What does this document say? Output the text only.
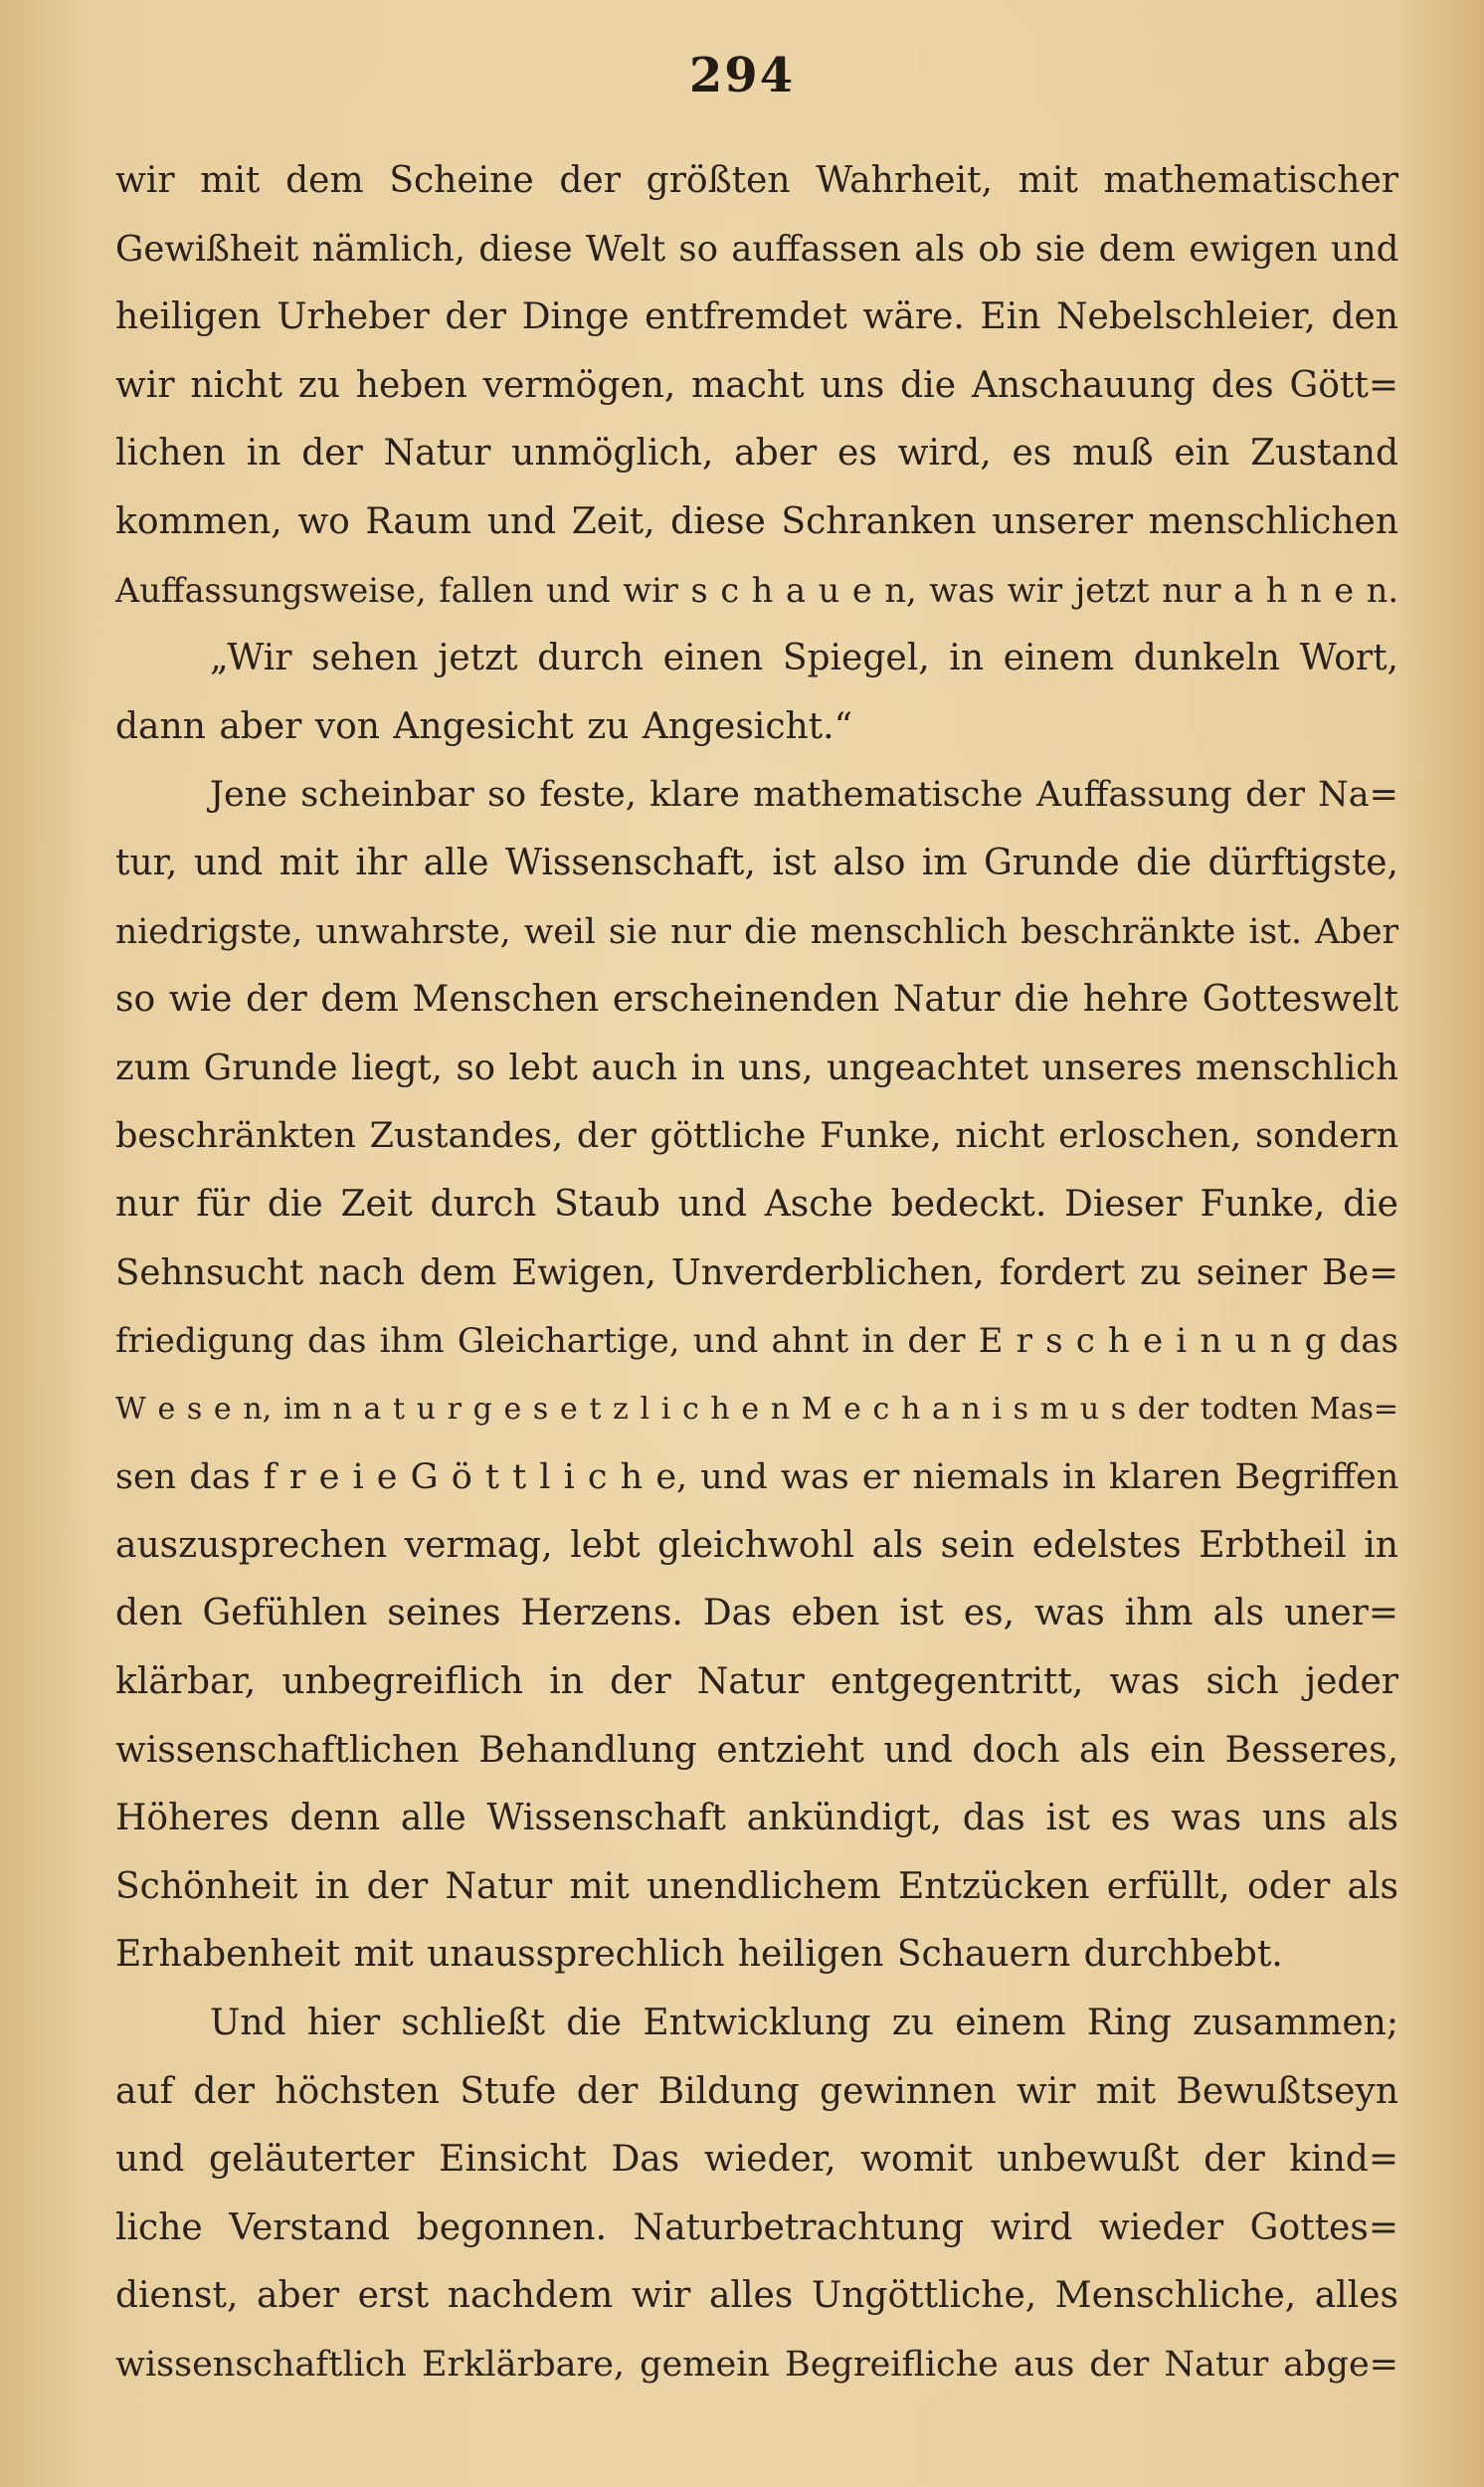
294
wir mit dem Scheine der größten Wahrheit, mit mathematischer
Gewißheit nämlich, diese Welt so auffassen als ob sie dem ewigen und
heiligen Urheber der Dinge entfremdet wäre. Ein Nebelschleier, den
wir nicht zu heben vermögen, macht uns die Anschauung des Gött=
lichen in der Natur unmöglich, aber es wird, es muß ein Zustand
kommen, wo Raum und Zeit, diese Schranken unserer menschlichen
Auffassungsweise, fallen und wir s c h a u e n, was wir jetzt nur a h n e n.
„Wir sehen jetzt durch einen Spiegel, in einem dunkeln Wort,
dann aber von Angesicht zu Angesicht.“
Jene scheinbar so feste, klare mathematische Auffassung der Na=
tur, und mit ihr alle Wissenschaft, ist also im Grunde die dürftigste,
niedrigste, unwahrste, weil sie nur die menschlich beschränkte ist. Aber
so wie der dem Menschen erscheinenden Natur die hehre Gotteswelt
zum Grunde liegt, so lebt auch in uns, ungeachtet unseres menschlich
beschränkten Zustandes, der göttliche Funke, nicht erloschen, sondern
nur für die Zeit durch Staub und Asche bedeckt. Dieser Funke, die
Sehnsucht nach dem Ewigen, Unverderblichen, fordert zu seiner Be=
friedigung das ihm Gleichartige, und ahnt in der E r s c h e i n u n g das
W e s e n, im n a t u r g e s e t z l i c h e n M e c h a n i s m u s der todten Mas=
sen das f r e i e G ö t t l i c h e, und was er niemals in klaren Begriffen
auszusprechen vermag, lebt gleichwohl als sein edelstes Erbtheil in
den Gefühlen seines Herzens. Das eben ist es, was ihm als uner=
klärbar, unbegreiflich in der Natur entgegentritt, was sich jeder
wissenschaftlichen Behandlung entzieht und doch als ein Besseres,
Höheres denn alle Wissenschaft ankündigt, das ist es was uns als
Schönheit in der Natur mit unendlichem Entzücken erfüllt, oder als
Erhabenheit mit unaussprechlich heiligen Schauern durchbebt.
Und hier schließt die Entwicklung zu einem Ring zusammen;
auf der höchsten Stufe der Bildung gewinnen wir mit Bewußtseyn
und geläuterter Einsicht Das wieder, womit unbewußt der kind=
liche Verstand begonnen. Naturbetrachtung wird wieder Gottes=
dienst, aber erst nachdem wir alles Ungöttliche, Menschliche, alles
wissenschaftlich Erklärbare, gemein Begreifliche aus der Natur abge=
